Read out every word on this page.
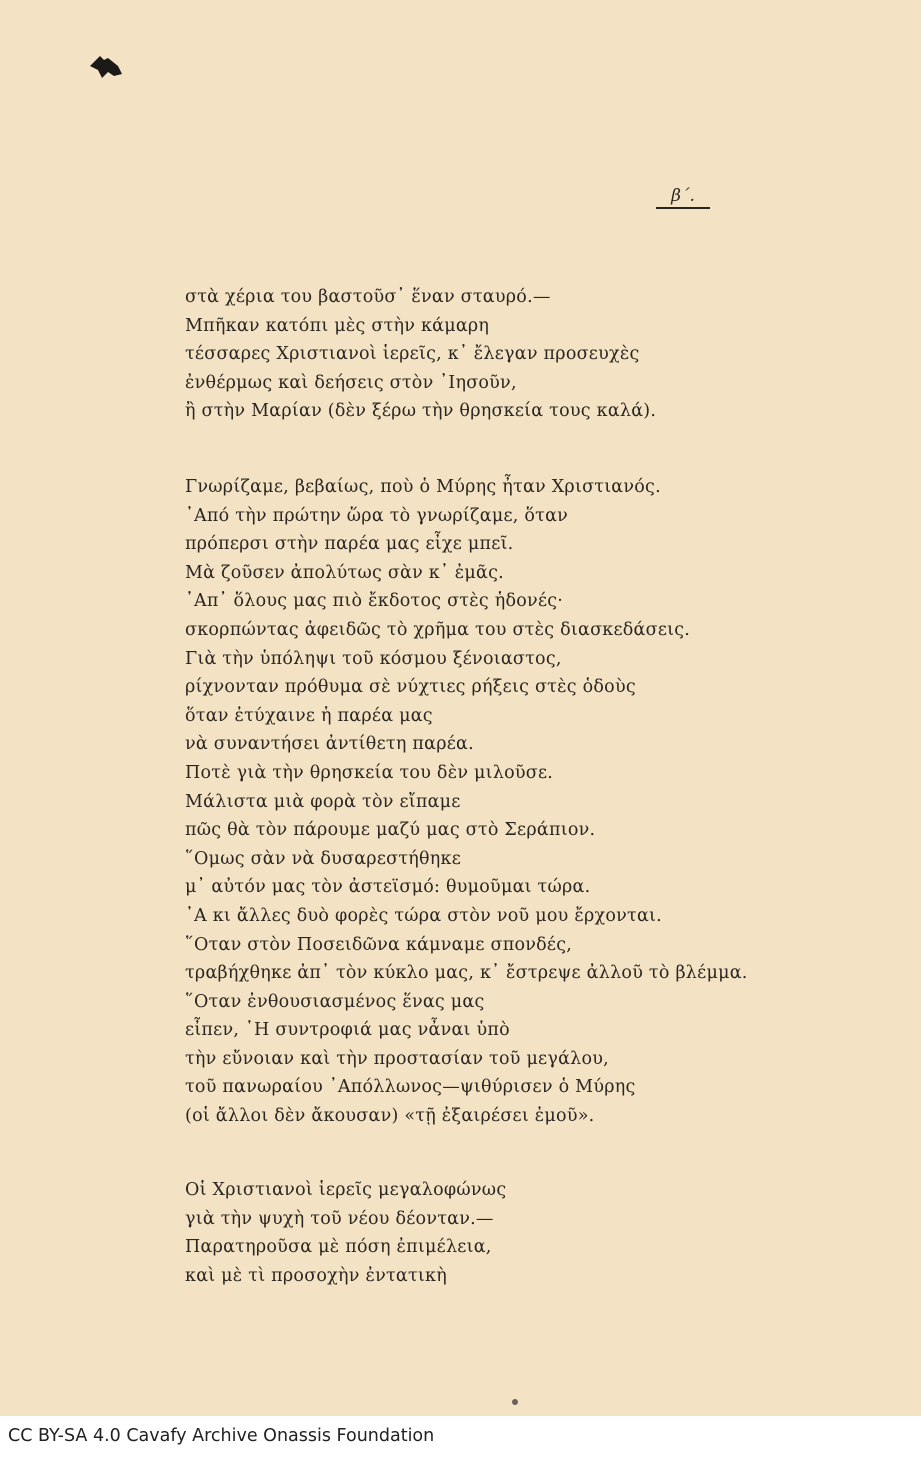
β΄.
στὰ χέρια του βαστοῦσ᾿ ἕναν σταυρό.—
Μπῆκαν κατόπι μὲς στὴν κάμαρη
τέσσαρες Χριστιανοὶ ἱερεῖς, κ᾿ ἔλεγαν προσευχὲς
ἐνθέρμως καὶ δεήσεις στὸν ᾿Ιησοῦν,
ἢ στὴν Μαρίαν (δὲν ξέρω τὴν θρησκεία τους καλά).
Γνωρίζαμε, βεβαίως, ποὺ ὁ Μύρης ἦταν Χριστιανός.
᾿Από τὴν πρώτην ὥρα τὸ γνωρίζαμε, ὅταν
πρόπερσι στὴν παρέα μας εἶχε μπεῖ.
Μὰ ζοῦσεν ἀπολύτως σὰν κ᾿ ἐμᾶς.
᾿Απ᾿ ὅλους μας πιὸ ἔκδοτος στὲς ἡδονές·
σκορπώντας ἀφειδῶς τὸ χρῆμα του στὲς διασκεδάσεις.
Γιὰ τὴν ὑπόληψι τοῦ κόσμου ξένοιαστος,
ρίχνονταν πρόθυμα σὲ νύχτιες ρήξεις στὲς ὁδοὺς
ὅταν ἐτύχαινε ἡ παρέα μας
νὰ συναντήσει ἀντίθετη παρέα.
Ποτὲ γιὰ τὴν θρησκεία του δὲν μιλοῦσε.
Μάλιστα μιὰ φορὰ τὸν εἴπαμε
πῶς θὰ τὸν πάρουμε μαζύ μας στὸ Σεράπιον.
῞Ομως σὰν νὰ δυσαρεστήθηκε
μ᾿ αὐτόν μας τὸν ἀστεϊσμό: θυμοῦμαι τώρα.
᾿Α κι ἄλλες δυὸ φορὲς τώρα στὸν νοῦ μου ἔρχονται.
῞Οταν στὸν Ποσειδῶνα κάμναμε σπονδές,
τραβήχθηκε ἀπ᾿ τὸν κύκλο μας, κ᾿ ἔστρεψε ἀλλοῦ τὸ βλέμμα.
῞Οταν ἐνθουσιασμένος ἕνας μας
εἶπεν, ῾Η συντροφιά μας νἆναι ὑπὸ
τὴν εὔνοιαν καὶ τὴν προστασίαν τοῦ μεγάλου,
τοῦ πανωραίου ᾿Απόλλωνος—ψιθύρισεν ὁ Μύρης
(οἱ ἄλλοι δὲν ἄκουσαν) «τῇ ἐξαιρέσει ἐμοῦ».
Οἱ Χριστιανοὶ ἱερεῖς μεγαλοφώνως
γιὰ τὴν ψυχὴ τοῦ νέου δέονταν.—
Παρατηροῦσα μὲ πόση ἐπιμέλεια,
καὶ μὲ τὶ προσοχὴν ἐντατικὴ
CC BY-SA 4.0 Cavafy Archive Onassis Foundation
